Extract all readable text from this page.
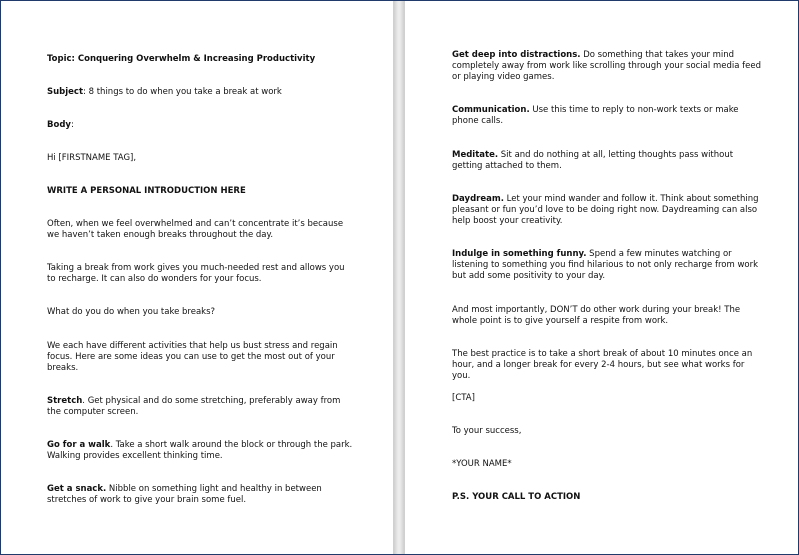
Topic: Conquering Overwhelm & Increasing Productivity

Subject: 8 things to do when you take a break at work

Body:

Hi [FIRSTNAME TAG],

WRITE A PERSONAL INTRODUCTION HERE

Often, when we feel overwhelmed and can’t concentrate it’s because we haven’t taken enough breaks throughout the day.

Taking a break from work gives you much-needed rest and allows you to recharge. It can also do wonders for your focus.

What do you do when you take breaks?

We each have different activities that help us bust stress and regain focus. Here are some ideas you can use to get the most out of your breaks.

Stretch. Get physical and do some stretching, preferably away from the computer screen.

Go for a walk. Take a short walk around the block or through the park. Walking provides excellent thinking time.

Get a snack. Nibble on something light and healthy in between stretches of work to give your brain some fuel.

Get deep into distractions. Do something that takes your mind completely away from work like scrolling through your social media feed or playing video games.

Communication. Use this time to reply to non-work texts or make phone calls.

Meditate. Sit and do nothing at all, letting thoughts pass without getting attached to them.

Daydream. Let your mind wander and follow it. Think about something pleasant or fun you’d love to be doing right now. Daydreaming can also help boost your creativity.

Indulge in something funny. Spend a few minutes watching or listening to something you find hilarious to not only recharge from work but add some positivity to your day.

And most importantly, DON’T do other work during your break! The whole point is to give yourself a respite from work.

The best practice is to take a short break of about 10 minutes once an hour, and a longer break for every 2-4 hours, but see what works for you.

[CTA]

To your success,

*YOUR NAME*

P.S. YOUR CALL TO ACTION
